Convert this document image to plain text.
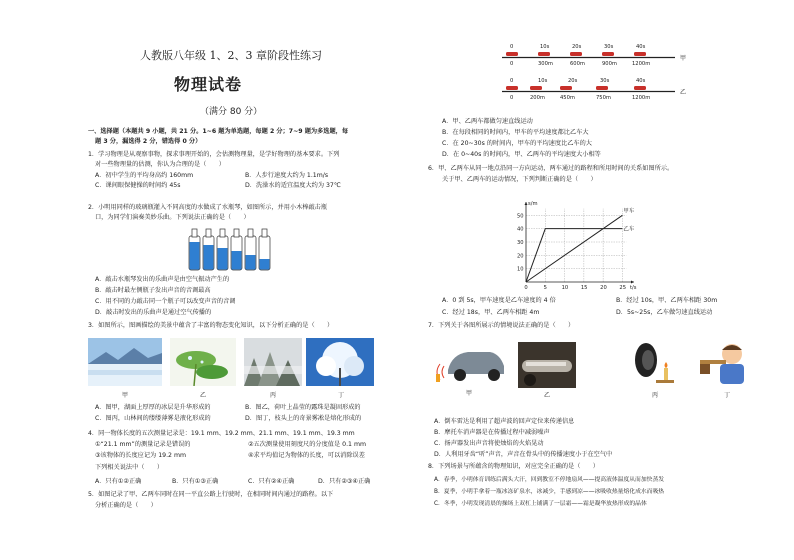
人教版八年级 1、2、3 章阶段性练习
物理试卷
（满分 80 分）
一、选择题（本题共 9 小题，共 21 分。1~6 题为单选题，每题 2 分；7~9 题为多选题，每
题 3 分，漏选得 2 分，错选得 0 分）
1．学习物理是从观察事物，探求事理开始的，会估测物理量，是学好物理的基本要求。下列
对一些物理量的估测，你认为合理的是（　　）
A．初中学生的平均身高约 160mm	B．人步行速度大约为 1.1m/s
C．课间眼保健操的时间约 45s	D．洗澡水的适宜温度大约为 37℃
2．小明用同样的玻璃瓶灌入不同高度的水做成了水瓶琴，如图所示，并用小木棒敲击瓶
口，为同学们演奏美妙乐曲。下列说法正确的是（　　）
A．敲击水瓶琴发出的乐曲声是由空气振动产生的
B．敲击时最左侧瓶子发出声音的音调最高
C．用不同的力敲击同一个瓶子可以改变声音的音调
D．敲击时发出的乐曲声是通过空气传播的
3．如图所示，图画描绘的美景中蕴含了丰富的物态变化知识，以下分析正确的是（　　）
甲	乙	丙	丁
A．图甲，湖面上厚厚的冰层是升华形成的	B．图乙，荷叶上晶莹的露珠是凝固形成的
C．图丙，山林间的缕缕薄雾是液化形成的	D．图丁，枝头上的奇景雾凇是熔化形成的
4．同一物体长度的五次测量记录是：19.1 mm、19.2 mm、21.1 mm、19.1 mm、19.3 mm
①“21.1 mm”的测量记录是错误的	②五次测量使用刻度尺的分度值是 0.1 mm
③该物体的长度应记为 19.2 mm	④求平均值记为物体的长度，可以消除误差
下列相关说法中（　　）
A．只有①②正确	B．只有①③正确	C．只有②④正确	D．只有②③④正确
5．如图记录了甲、乙两车同时在同一平直公路上行驶时，在相同时间内通过的路程。以下
分析正确的是（　　）
0	10s	20s	30s	40s
甲
0	300m	600m	900m	1200m
0	10s	20s	30s	40s
乙
0	200m	450m	750m	1200m
A．甲、乙两车都做匀速直线运动
B．在每段相同的时间内，甲车的平均速度都比乙车大
C．在 20~30s 的时间内，甲车的平均速度比乙车的大
D．在 0~40s 的时间内，甲、乙两车的平均速度大小相等
6．甲、乙两车从同一地点沿同一方向运动，两车通过的路程和所用时间的关系如图所示。
关于甲、乙两车的运动情况，下列判断正确的是（　　）
0	5	10 15 20 25
10
20
30
40
50
t/s
s/m
甲车
乙车
A．0 到 5s，甲车速度是乙车速度的 4 倍	B．经过 10s，甲、乙两车相距 30m
C．经过 18s，甲、乙两车相距 4m	D．5s~25s，乙车做匀速直线运动
7．下列关于各图所展示的情境说法正确的是（　　）
甲	乙	丙	丁
A．倒车雷达是利用了超声波的回声定位来传递信息
B．摩托车消声器是在传播过程中减弱噪声
C．扬声器发出声音将使烛焰的火焰晃动
D．人利用牙齿“听”声音，声音在骨头中的传播速度小于在空气中
8．下列场景与所蕴含的物理知识，对应完全正确的是（　　）
A．春季，小明体育训练后满头大汗，回到教室不停地扇风——提高液体温度从而加快蒸发
B．夏季，小明手拿着一瓶冰冻矿泉水，冰减少，手感到凉——冰吸收热量熔化成水而吸热
C．冬季，小明发现清晨的操场上双杠上铺满了一层霜——霜是凝华放热形成的晶体
